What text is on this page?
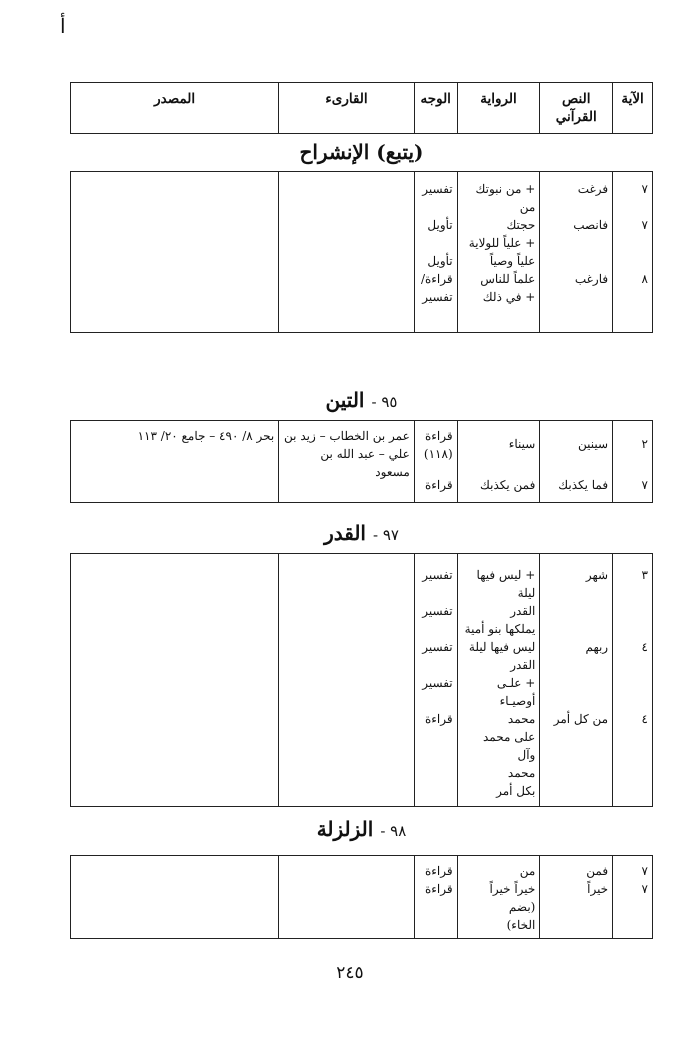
أ
الآية
النص القرآني
الرواية
الوجه
القارىء
المصدر
(يتبع) الإنشراح
٧
٧
٨
فرغت
فانصب
فارغب
+ من نبوتك من
حجتك
+ علياً للولاية
علياً وصياً
علماً للناس
+ في ذلك
تفسير
تأويل
تأويل
قراءة/
تفسير
٩٥ - التين
٢
سينين
سيناء
قراءة (١١٨)
عمر بن الخطاب – زيد بن علي – عبد الله بن مسعود
بحر ٨/ ٤٩٠ – جامع ٢٠/ ١١٣
٧
فما يكذبك
فمن يكذبك
قراءة
٩٧ - القدر
٣
٤
٤
شهر
ربهم
من كل أمر
+ ليس فيها ليلة
القدر
يملكها بنو أمية
ليس فيها ليلة القدر
+ علـى أوصيـاء
محمد
على محمد وآل
محمد
بكل أمر
تفسير
تفسير
تفسير
تفسير
قراءة
٩٨ - الزلزلة
٧
٧
فمن
خيراً
من
خيراً خيراً (بضم
الخاء)
قراءة
قراءة
٢٤٥
